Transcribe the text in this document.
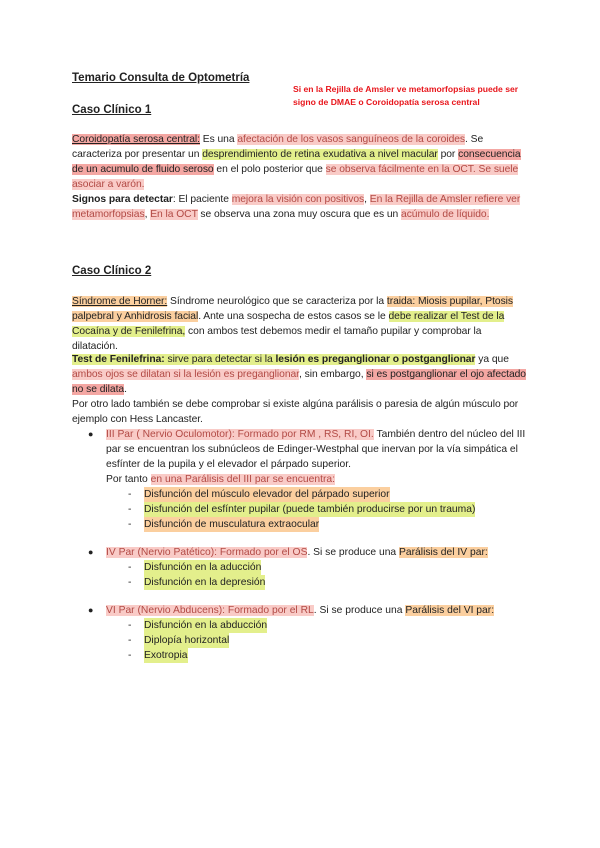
Temario Consulta de Optometría
Si en la Rejilla de Amsler ve metamorfopsias puede ser signo de DMAE o Coroidopatía serosa central
Caso Clínico 1
Coroidopatía serosa central: Es una afectación de los vasos sanguíneos de la coroides. Se caracteriza por presentar un desprendimiento de retina exudativa a nivel macular por consecuencia de un acumulo de fluido seroso en el polo posterior que se observa fácilmente en la OCT. Se suele asociar a varón.
Signos para detectar: El paciente mejora la visión con positivos, En la Rejilla de Amsler refiere ver metamorfopsias, En la OCT se observa una zona muy oscura que es un acúmulo de líquido.
Caso Clínico 2
Síndrome de Horner: Síndrome neurológico que se caracteriza por la traida: Miosis pupilar, Ptosis palpebral y Anhidrosis facial. Ante una sospecha de estos casos se le debe realizar el Test de la Cocaína y de Fenilefrina, con ambos test debemos medir el tamaño pupilar y comprobar la dilatación.
Test de Fenilefrina: sirve para detectar si la lesión es preganglionar o postganglionar ya que ambos ojos se dilatan si la lesión es preganglionar, sin embargo, si es postganglionar el ojo afectado no se dilata.
Por otro lado también se debe comprobar si existe algúna parálisis o paresia de algún músculo por ejemplo con Hess Lancaster.
● III Par ( Nervio Oculomotor): Formado por RM , RS, RI, OI. También dentro del núcleo del III par se encuentran los subnúcleos de Edinger-Westphal que inervan por la vía simpática el esfínter de la pupila y el elevador el párpado superior.
Por tanto en una Parálisis del III par se encuentra:
- Disfunción del músculo elevador del párpado superior
- Disfunción del esfínter pupilar (puede también producirse por un trauma)
- Disfunción de musculatura extraocular
● IV Par (Nervio Patético): Formado por el OS. Si se produce una Parálisis del IV par:
- Disfunción en la aducción
- Disfunción en la depresión
● VI Par (Nervio Abducens): Formado por el RL. Si se produce una Parálisis del VI par:
- Disfunción en la abducción
- Diplopía horizontal
- Exotropia
